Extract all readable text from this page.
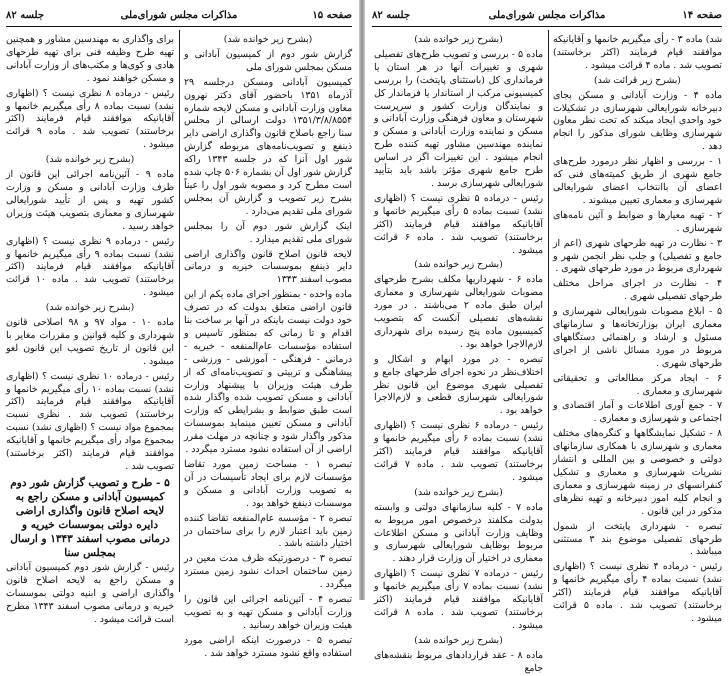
صفحه ۱۵
مذاکرات مجلس شورای‌ملی
جلسه ۸۲

(بشرح زیر خوانده شد)

گزارش شور دوم از کمیسیون آبادانی و مسکن بمجلس شورای ملی

کمیسیون آبادانی ومسکن درجلسه ۲۹ آذرماه ۱۳۵۱ باحضور آقای دکتر نهرون معاون وزارت آبادانی و مسکن لایحه شماره ۱۳۵۱/۳/۸/۸۵۵۴ دولت ارسالی از مجلس سنا راجع باصلاح قانون واگذاری اراضی دایر ذینفع و تصویب‌نامه‌های مربوطه گزارش شور اول آنرا که در جلسه ۱۳۴۳ راکه گزارش شور اول آن بشماره ۵۰۶ چاپ شده است مطرح کرد و مصوبه شور اول را عیناً بشرح زیر تصویب و گزارش آن بمجلس شورای ملی تقدیم می‌دارد .

اینک گزارش شور دوم آن را بمجلس شورای ملی تقدیم میدارد .

لایحه قانون اصلاح قانون واگذاری اراضی دایر ذینفع بموسسات خیریه و درمانی مصوب اسفند ۱۳۴۳

ماده واحده - بمنظور اجرای ماده یکم از این قانون اراضی متعلق بدولت که در تصرف خود دولت نیست باینکه در آنها بر ساخت بنا اقدام و تا زمانی که بمنظور تاسیس و استفاده مؤسسات عام‌المنفعه - خیریه - درمانی - فرهنگی - آموزشی - ورزشی - پیشاهنگی و تربیتی و تصویب‌نامه‌ای که از طرف هیئت وزیران با پیشنهاد وزارت آبادانی و مسکن تصویب شده واگذار شده است طبق ضوابط و بشرایطی که وزارت آبادانی و مسکن تعیین مینماید بموسسات مذکور واگذار شود و چنانچه در مهلت مقرر اراضی از آن استفاده نشود مسترد میگردد .

تبصره ۱ - مساحت زمین مورد تقاضا مؤسسات لازم برای ایجاد تأسیسات در آن به تصویب وزارت آبادانی و مسکن و موسسات ذینفع خواهد بود .

تبصره ۲ - مؤسسه عام‌المنفعه تقاضا کننده زمین باید اعتبار لازم را برای ساختمان در اختیار داشته باشد .

تبصره ۳ - درصورتیکه ظرف مدت معین در زمین ساختمان احداث نشود زمین مسترد میگردد .

تبصره ۴ - آئین‌نامه اجرائی این قانون را وزارت آبادانی و مسکن تهیه و به تصویب هیئت وزیران خواهد رسانید .

تبصره ۵ - درصورت اینکه اراضی مورد استفاده واقع نشود مسترد خواهد شد .

برای واگذاری به مهندسین مشاور و همچنین تهیه طرح وظیفه فنی برای تهیه طرحهای هادی و کوی‌ها و مکتب‌های از وزارت آبادانی و مسکن خواهند نمود .

رئیس - درماده ۸ نظری نیست ؟ (اظهاری نشد) نسبت بماده ۸ رأی میگیریم خانمها و آقایانیکه موافقند قیام فرمایند (اکثر برخاستند) تصویب شد . ماده ۹ قرائت میشود .

(بشرح زیر خوانده شد)

ماده ۹ - آئین‌نامه اجرائی این قانون از طرف وزارت آبادانی و مسکن و وزارت کشور تهیه و پس از تأیید شورایعالی شهرسازی و معماری بتصویب هیئت وزیران خواهد رسید .

رئیس - درماده ۹ نظری نیست ؟ (اظهاری نشد) نسبت بماده ۹ رأی میگیریم خانمها و آقایانیکه موافقند قیام فرمایند (اکثر برخاستند) تصویب شد . ماده ۱۰ قرائت میشود .

(بشرح زیر خوانده شد)

ماده ۱۰ - مواد ۹۷ و ۹۸ اصلاحی قانون شهرداری و کلیه قوانین و مقررات مغایر با این قانون از تاریخ تصویب این قانون لغو میشود .

رئیس - درماده ۱۰ نظری نیست ؟ (اظهاری نشد) نسبت بماده ۱۰ رأی میگیریم خانمها و آقایانیکه موافقند قیام فرمایند (اکثر برخاستند) تصویب شد . نظری نسبت بمجموع مواد نیست ؟ (اظهاری نشد) نسبت بمجموع مواد رأی میگیریم خانمها و آقایانیکه موافقند قیام فرمایند (اکثر برخاستند) تصویب شد .

۵ - طرح و تصویب گزارش شور دوم کمیسیون آبادانی و مسکن راجع به لایحه اصلاح قانون واگذاری اراضی دایره دولتی بموسسات خیریه و درمانی مصوب اسفند ۱۳۴۳ و ارسال بمجلس سنا

رئیس - گزارش شور دوم کمیسیون آبادانی و مسکن راجع به لایحه اصلاح قانون واگذاری اراضی و ابنیه دولتی بموسسات خیریه و درمانی مصوب اسفند ۱۳۴۳ مطرح است قرائت میشود .

صفحه ۱۴
مذاکرات مجلس شورای‌ملی
جلسه ۸۲

شد) ماده ۳ - رأی میگیریم خانمها و آقایانیکه موافقند قیام فرمایند (اکثر برخاستند) تصویب شد . ماده ۴ قرائت میشود .

(بشرح زیر قرائت شد)

ماده ۴ - وزارت آبادانی و مسکن بجای دبیرخانه شورایعالی شهرسازی در تشکیلات خود واحدی ایجاد میکند که تحت نظر معاون شهرسازی وظایف شورای مذکور را انجام دهد .

۱ - بررسی و اظهار نظر درمورد طرح‌های جامع شهری از طریق کمیته‌های فنی که اعضای آن باانتخاب اعضای شورایعالی شهرسازی و معماری تعیین میشوند .

۲ - تهیه معیارها و ضوابط و آئین نامه‌های شهرسازی .

۳ - نظارت در تهیه طرحهای شهری (اعم از جامع و تفصیلی) و جلب نظر انجمن شهر و شهرداری مربوط در مورد طرحهای شهری .

۴ - نظارت در اجرای مراحل مختلف طرحهای تفصیلی شهری .

۵ - ابلاغ مصوبات شورایعالی شهرسازی و معماری ایران بوزارتخانه‌ها و سازمانهای مسئول و ارشاد و راهنمائی دستگاههای مربوط در مورد مسائل ناشی از اجرای طرحهای شهری .

۶ - ایجاد مرکز مطالعاتی و تحقیقاتی شهرسازی و معماری .

۷ - جمع آوری اطلاعات و آمار اقتصادی و اجتماعی و شهرسازی و معماری .

۸ - تشکیل نمایشگاهها و کنگره‌های مختلف معماری و شهرسازی با همکاری سازمانهای دولتی و خصوصی و بین المللی و انتشار نشریات شهرسازی و معماری و تشکیل کنفرانسهای در زمینه شهرسازی و معماری و انجام کلیه امور دبیرخانه و تهیه نظرهای مذکور در این قانون .

تبصره - شهرداری پایتخت از شمول طرحهای تفصیلی موضوع بند ۳ مستثنی میباشد .

رئیس - درماده ۴ نظری نیست ؟ (اظهاری نشد) نسبت بماده ۴ رأی میگیریم خانمها و آقایانیکه موافقند قیام فرمایند (اکثر برخاستند) تصویب شد . ماده ۵ قرائت میشود .

(بشرح زیر خوانده شد)

ماده ۵ - بررسی و تصویب طرح‌های تفصیلی شهری و تغییرات آنها در هر استان یا فرمانداری کل (باستثنای پایتخت) را بررسی کمیسیونی مرکب از استاندار یا فرماندار کل و نمایندگان وزارت کشور و سرپرست شهرستان و معاون فرهنگی وزارت آبادانی و مسکن و نماینده وزارت آبادانی و مسکن و نماینده مهندسین مشاور تهیه کننده طرح انجام میشود . این تغییرات اگر در اساس طرح جامع شهری مؤثر باشد باید بتأیید شورایعالی شهرسازی برسد .

رئیس - درماده ۵ نظری نیست ؟ (اظهاری نشد) نسبت بماده ۵ رأی میگیریم خانمها و آقایانیکه موافقند قیام فرمایند (اکثر برخاستند) تصویب شد . ماده ۶ قرائت میشود .

(بشرح زیر خوانده شد)

ماده ۶ - شهرداریها مکلف بشرح طرحهای مصوبات شورایعالی شهرسازی و معماری ایران طبق ماده ۲ می‌باشند . در مورد نقشه‌های تفصیلی آنکست که بتصویب کمیسیون ماده پنج رسیده برای شهرداری لازم‌الاجرا خواهد بود .

تبصره - در مورد ابهام و اشکال و اختلاف‌نظر در نحوه اجرای طرحهای جامع و تفصیلی شهری موضوع این قانون نظر شورایعالی شهرسازی قطعی و لازم‌الاجرا خواهد بود .

رئیس - درماده ۶ نظری نیست ؟ (اظهاری نشد) نسبت بماده ۶ رأی میگیریم خانمها و آقایانیکه موافقند قیام فرمایند (اکثر برخاستند) تصویب شد . ماده ۷ قرائت میشود .

(بشرح زیر خوانده شد)

ماده ۷ - کلیه سازمانهای دولتی و وابسته بدولت مکلفند درخصوص امور مربوط به وظایف وزارت آبادانی و مسکن اطلاعات مربوط بوظایف شورایعالی شهرسازی و معماری در اختیار آن وزارت قرار دهند .

رئیس - درماده ۷ نظری نیست ؟ (اظهاری نشد) نسبت بماده ۷ رأی میگیریم خانمها و آقایانیکه موافقند قیام فرمایند (اکثر برخاستند) تصویب شد . ماده ۸ قرائت میشود .

(بشرح زیر خوانده شد)

ماده ۸ - عقد قراردادهای مربوط بنقشه‌های جامع
